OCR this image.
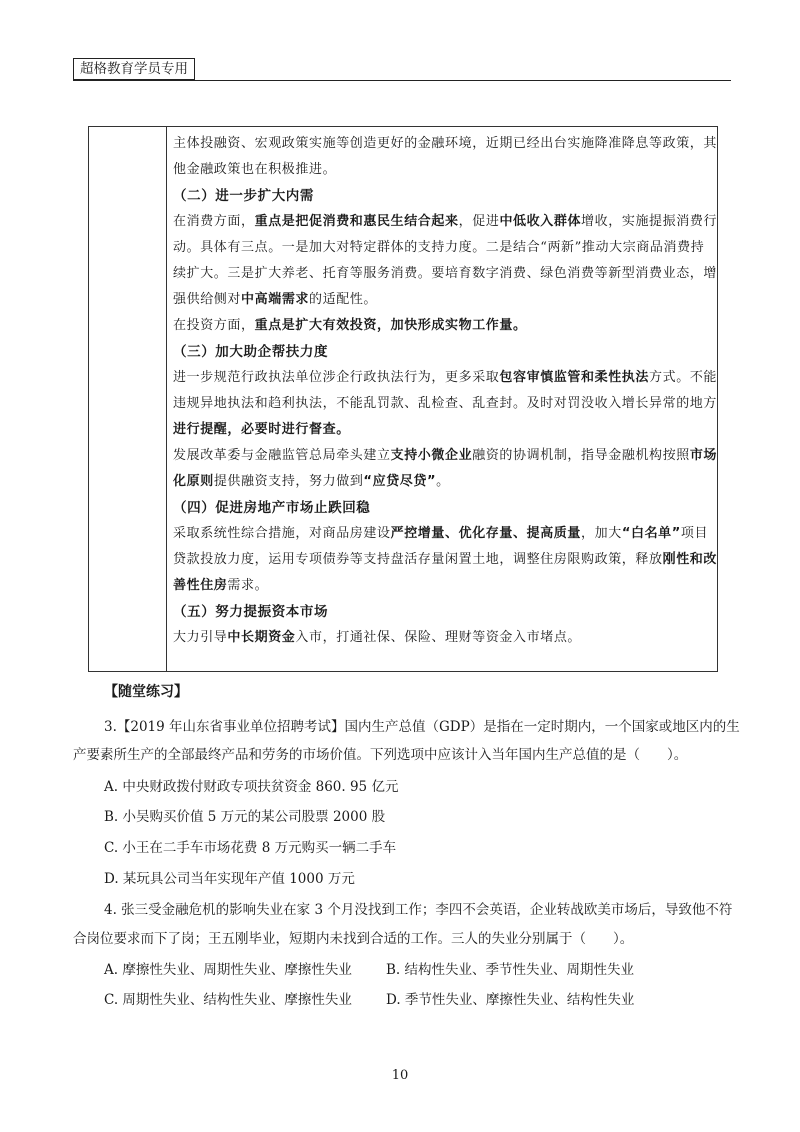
超格教育学员专用
主体投融资、宏观政策实施等创造更好的金融环境，近期已经出台实施降准降息等政策，其
他金融政策也在积极推进。
（二）进一步扩大内需
在消费方面，重点是把促消费和惠民生结合起来，促进中低收入群体增收，实施提振消费行
动。具体有三点。一是加大对特定群体的支持力度。二是结合“两新”推动大宗商品消费持
续扩大。三是扩大养老、托育等服务消费。要培育数字消费、绿色消费等新型消费业态，增
强供给侧对中高端需求的适配性。
在投资方面，重点是扩大有效投资，加快形成实物工作量。
（三）加大助企帮扶力度
进一步规范行政执法单位涉企行政执法行为，更多采取包容审慎监管和柔性执法方式。不能
违规异地执法和趋利执法，不能乱罚款、乱检查、乱查封。及时对罚没收入增长异常的地方
进行提醒，必要时进行督查。
发展改革委与金融监管总局牵头建立支持小微企业融资的协调机制，指导金融机构按照市场
化原则提供融资支持，努力做到“应贷尽贷”。
（四）促进房地产市场止跌回稳
采取系统性综合措施，对商品房建设严控增量、优化存量、提高质量，加大“白名单”项目
贷款投放力度，运用专项债券等支持盘活存量闲置土地，调整住房限购政策，释放刚性和改
善性住房需求。
（五）努力提振资本市场
大力引导中长期资金入市，打通社保、保险、理财等资金入市堵点。
【随堂练习】
3.【2019 年山东省事业单位招聘考试】国内生产总值（GDP）是指在一定时期内，一个国家或地区内的生
产要素所生产的全部最终产品和劳务的市场价值。下列选项中应该计入当年国内生产总值的是（　　）。
A. 中央财政拨付财政专项扶贫资金 860. 95 亿元
B. 小吴购买价值 5 万元的某公司股票 2000 股
C. 小王在二手车市场花费 8 万元购买一辆二手车
D. 某玩具公司当年实现年产值 1000 万元
4. 张三受金融危机的影响失业在家 3 个月没找到工作；李四不会英语，企业转战欧美市场后，导致他不符
合岗位要求而下了岗；王五刚毕业，短期内未找到合适的工作。三人的失业分别属于（　　）。
A. 摩擦性失业、周期性失业、摩擦性失业	B. 结构性失业、季节性失业、周期性失业
C. 周期性失业、结构性失业、摩擦性失业	D. 季节性失业、摩擦性失业、结构性失业
10
